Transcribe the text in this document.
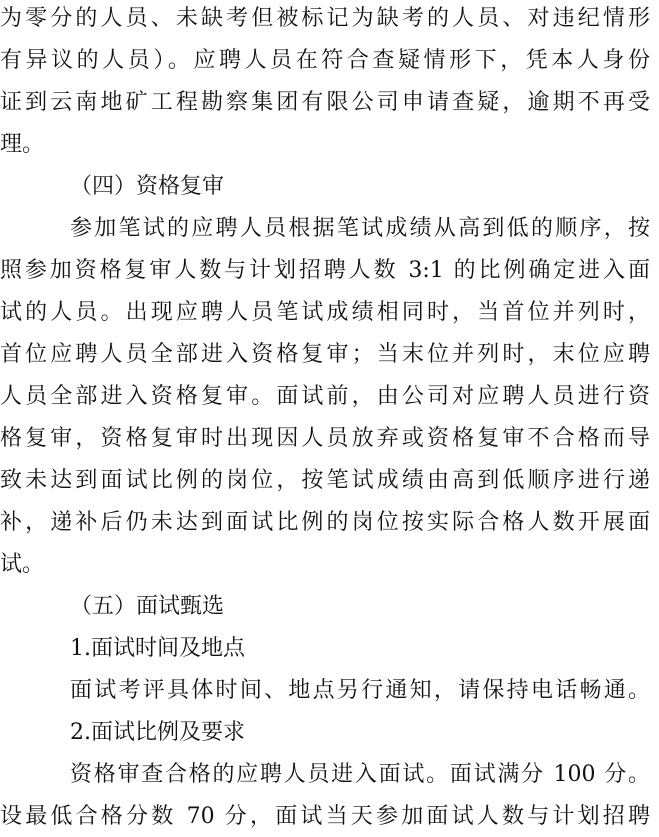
为零分的人员、未缺考但被标记为缺考的人员、对违纪情形
有异议的人员）。应聘人员在符合查疑情形下，凭本人身份
证到云南地矿工程勘察集团有限公司申请查疑，逾期不再受
理。
（四）资格复审
参加笔试的应聘人员根据笔试成绩从高到低的顺序，按
照参加资格复审人数与计划招聘人数 3:1 的比例确定进入面
试的人员。出现应聘人员笔试成绩相同时，当首位并列时，
首位应聘人员全部进入资格复审；当末位并列时，末位应聘
人员全部进入资格复审。面试前，由公司对应聘人员进行资
格复审，资格复审时出现因人员放弃或资格复审不合格而导
致未达到面试比例的岗位，按笔试成绩由高到低顺序进行递
补，递补后仍未达到面试比例的岗位按实际合格人数开展面
试。
（五）面试甄选
1.面试时间及地点
面试考评具体时间、地点另行通知，请保持电话畅通。
2.面试比例及要求
资格审查合格的应聘人员进入面试。面试满分 100 分。
设最低合格分数 70 分，面试当天参加面试人数与计划招聘
